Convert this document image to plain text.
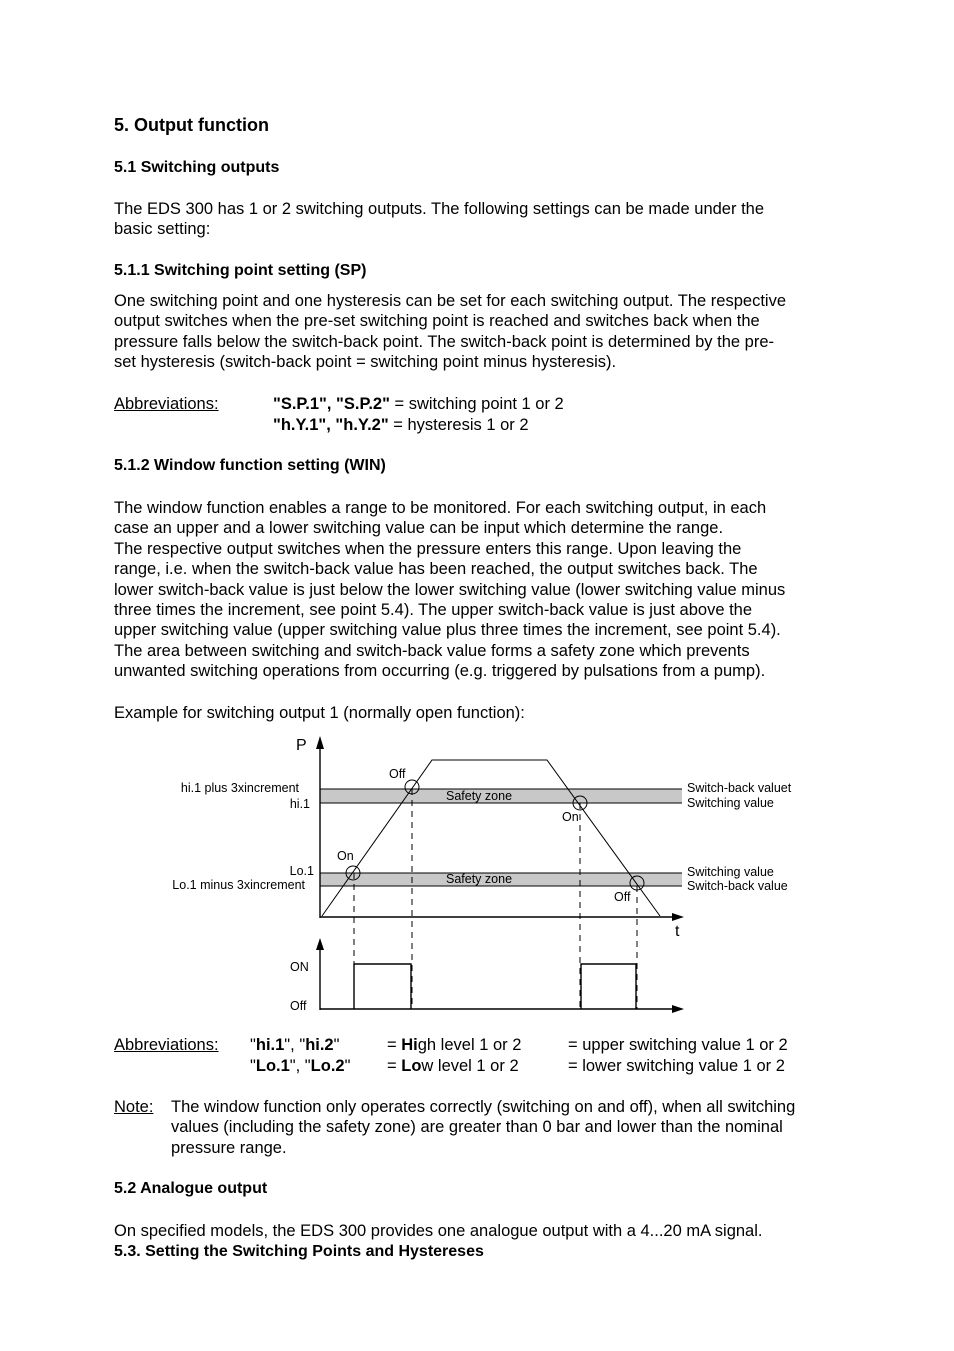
5. Output function
5.1 Switching outputs
The EDS 300 has 1 or 2 switching outputs. The following settings can be made under the
basic setting:
5.1.1 Switching point setting (SP)
One switching point and one hysteresis can be set for each switching output. The respective
output switches when the pre-set switching point is reached and switches back when the
pressure falls below the switch-back point. The switch-back point is determined by the pre-
set hysteresis (switch-back point = switching point minus hysteresis).
Abbreviations:	"S.P.1", "S.P.2" = switching point 1 or 2
"h.Y.1", "h.Y.2" = hysteresis 1 or 2
5.1.2 Window function setting (WIN)
The window function enables a range to be monitored. For each switching output, in each
case an upper and a lower switching value can be input which determine the range.
The respective output switches when the pressure enters this range. Upon leaving the
range, i.e. when the switch-back value has been reached, the output switches back. The
lower switch-back value is just below the lower switching value (lower switching value minus
three times the increment, see point 5.4). The upper switch-back value is just above the
upper switching value (upper switching value plus three times the increment, see point 5.4).
The area between switching and switch-back value forms a safety zone which prevents
unwanted switching operations from occurring (e.g. triggered by pulsations from a pump).
Example for switching output 1 (normally open function):
P
t
hi.1 plus 3xincrement
hi.1
Lo.1
Lo.1 minus 3xincrement
Safety zone
Safety zone
Switch-back valuet
Switching value
Switching value
Switch-back value
Off
On
On
Off
ON
Off
Abbreviations: "hi.1", "hi.2"	= High level 1 or 2	= upper switching value 1 or 2
"Lo.1", "Lo.2" = Low level 1 or 2	= lower switching value 1 or 2
Note: The window function only operates correctly (switching on and off), when all switching
values (including the safety zone) are greater than 0 bar and lower than the nominal
pressure range.
5.2 Analogue output
On specified models, the EDS 300 provides one analogue output with a 4...20 mA signal.
5.3. Setting the Switching Points and Hystereses
